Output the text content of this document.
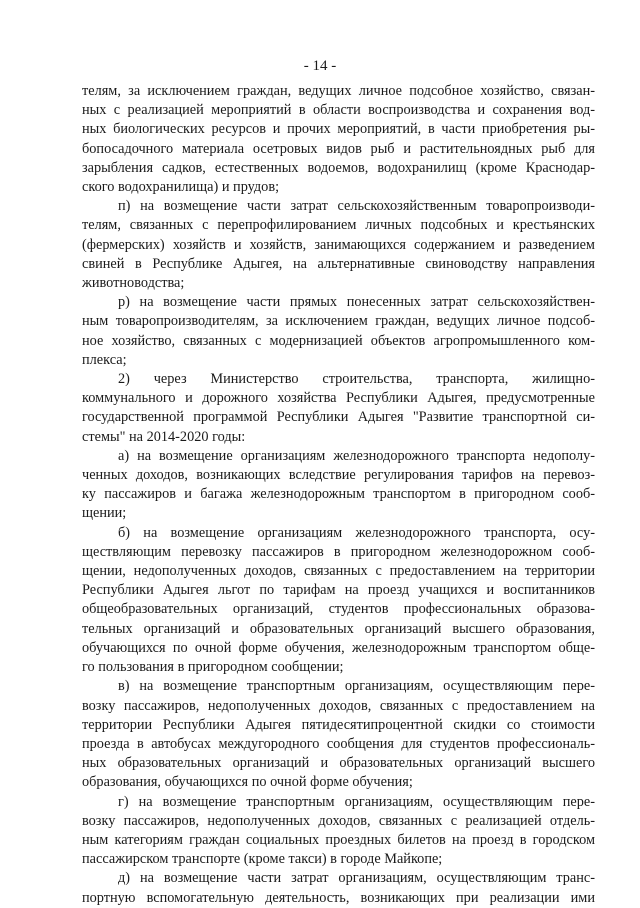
- 14 -
телям, за исключением граждан, ведущих личное подсобное хозяйство, связан-
ных с реализацией мероприятий в области воспроизводства и сохранения вод-
ных биологических ресурсов и прочих мероприятий, в части приобретения ры-
бопосадочного материала осетровых видов рыб и растительноядных рыб для
зарыбления садков, естественных водоемов, водохранилищ (кроме Краснодар-
ского водохранилища) и прудов;
п) на возмещение части затрат сельскохозяйственным товаропроизводи-
телям, связанных с перепрофилированием личных подсобных и крестьянских
(фермерских) хозяйств и хозяйств, занимающихся содержанием и разведением
свиней в Республике Адыгея, на альтернативные свиноводству направления
животноводства;
р) на возмещение части прямых понесенных затрат сельскохозяйствен-
ным товаропроизводителям, за исключением граждан, ведущих личное подсоб-
ное хозяйство, связанных с модернизацией объектов агропромышленного ком-
плекса;
2) через Министерство строительства, транспорта, жилищно-
коммунального и дорожного хозяйства Республики Адыгея, предусмотренные
государственной программой Республики Адыгея "Развитие транспортной си-
стемы" на 2014-2020 годы:
а) на возмещение организациям железнодорожного транспорта недополу-
ченных доходов, возникающих вследствие регулирования тарифов на перевоз-
ку пассажиров и багажа железнодорожным транспортом в пригородном сооб-
щении;
б) на возмещение организациям железнодорожного транспорта, осу-
ществляющим перевозку пассажиров в пригородном железнодорожном сооб-
щении, недополученных доходов, связанных с предоставлением на территории
Республики Адыгея льгот по тарифам на проезд учащихся и воспитанников
общеобразовательных организаций, студентов профессиональных образова-
тельных организаций и образовательных организаций высшего образования,
обучающихся по очной форме обучения, железнодорожным транспортом обще-
го пользования в пригородном сообщении;
в) на возмещение транспортным организациям, осуществляющим пере-
возку пассажиров, недополученных доходов, связанных с предоставлением на
территории Республики Адыгея пятидесятипроцентной скидки со стоимости
проезда в автобусах междугородного сообщения для студентов профессиональ-
ных образовательных организаций и образовательных организаций высшего
образования, обучающихся по очной форме обучения;
г) на возмещение транспортным организациям, осуществляющим пере-
возку пассажиров, недополученных доходов, связанных с реализацией отдель-
ным категориям граждан социальных проездных билетов на проезд в городском
пассажирском транспорте (кроме такси) в городе Майкопе;
д) на возмещение части затрат организациям, осуществляющим транс-
портную вспомогательную деятельность, возникающих при реализации ими
